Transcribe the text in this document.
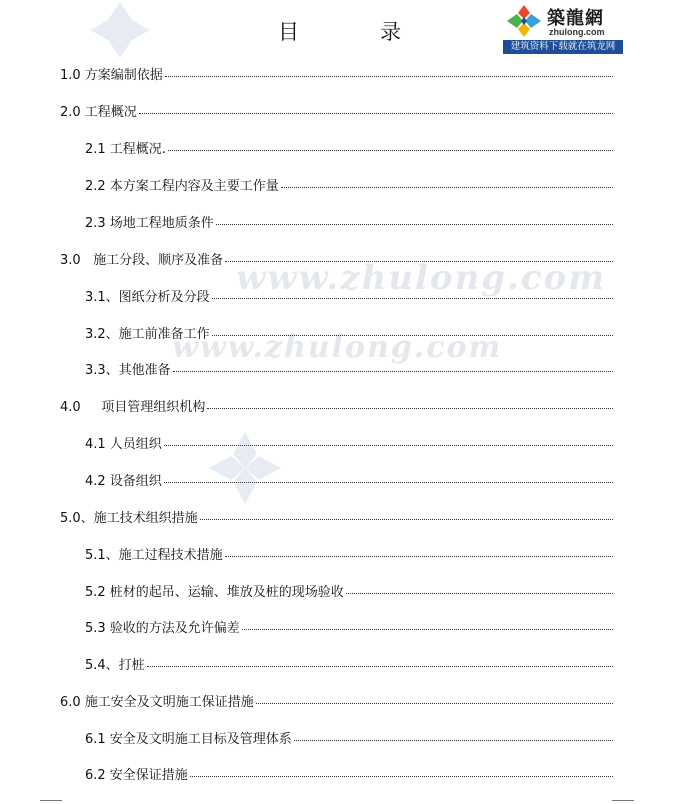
www.zhulong.com
www.zhulong.com
目　录
築龍網
zhulong.com
建筑资料下载就在筑龙网
1.0 方案编制依据
2.0 工程概况
2.1 工程概况.
2.2 本方案工程内容及主要工作量
2.3 场地工程地质条件
3.0   施工分段、顺序及准备
3.1、图纸分析及分段
3.2、施工前准备工作
3.3、其他准备
4.0     项目管理组织机构
4.1 人员组织
4.2 设备组织
5.0、施工技术组织措施
5.1、施工过程技术措施
5.2 桩材的起吊、运输、堆放及桩的现场验收
5.3 验收的方法及允许偏差
5.4、打桩
6.0 施工安全及文明施工保证措施
6.1 安全及文明施工目标及管理体系
6.2 安全保证措施
